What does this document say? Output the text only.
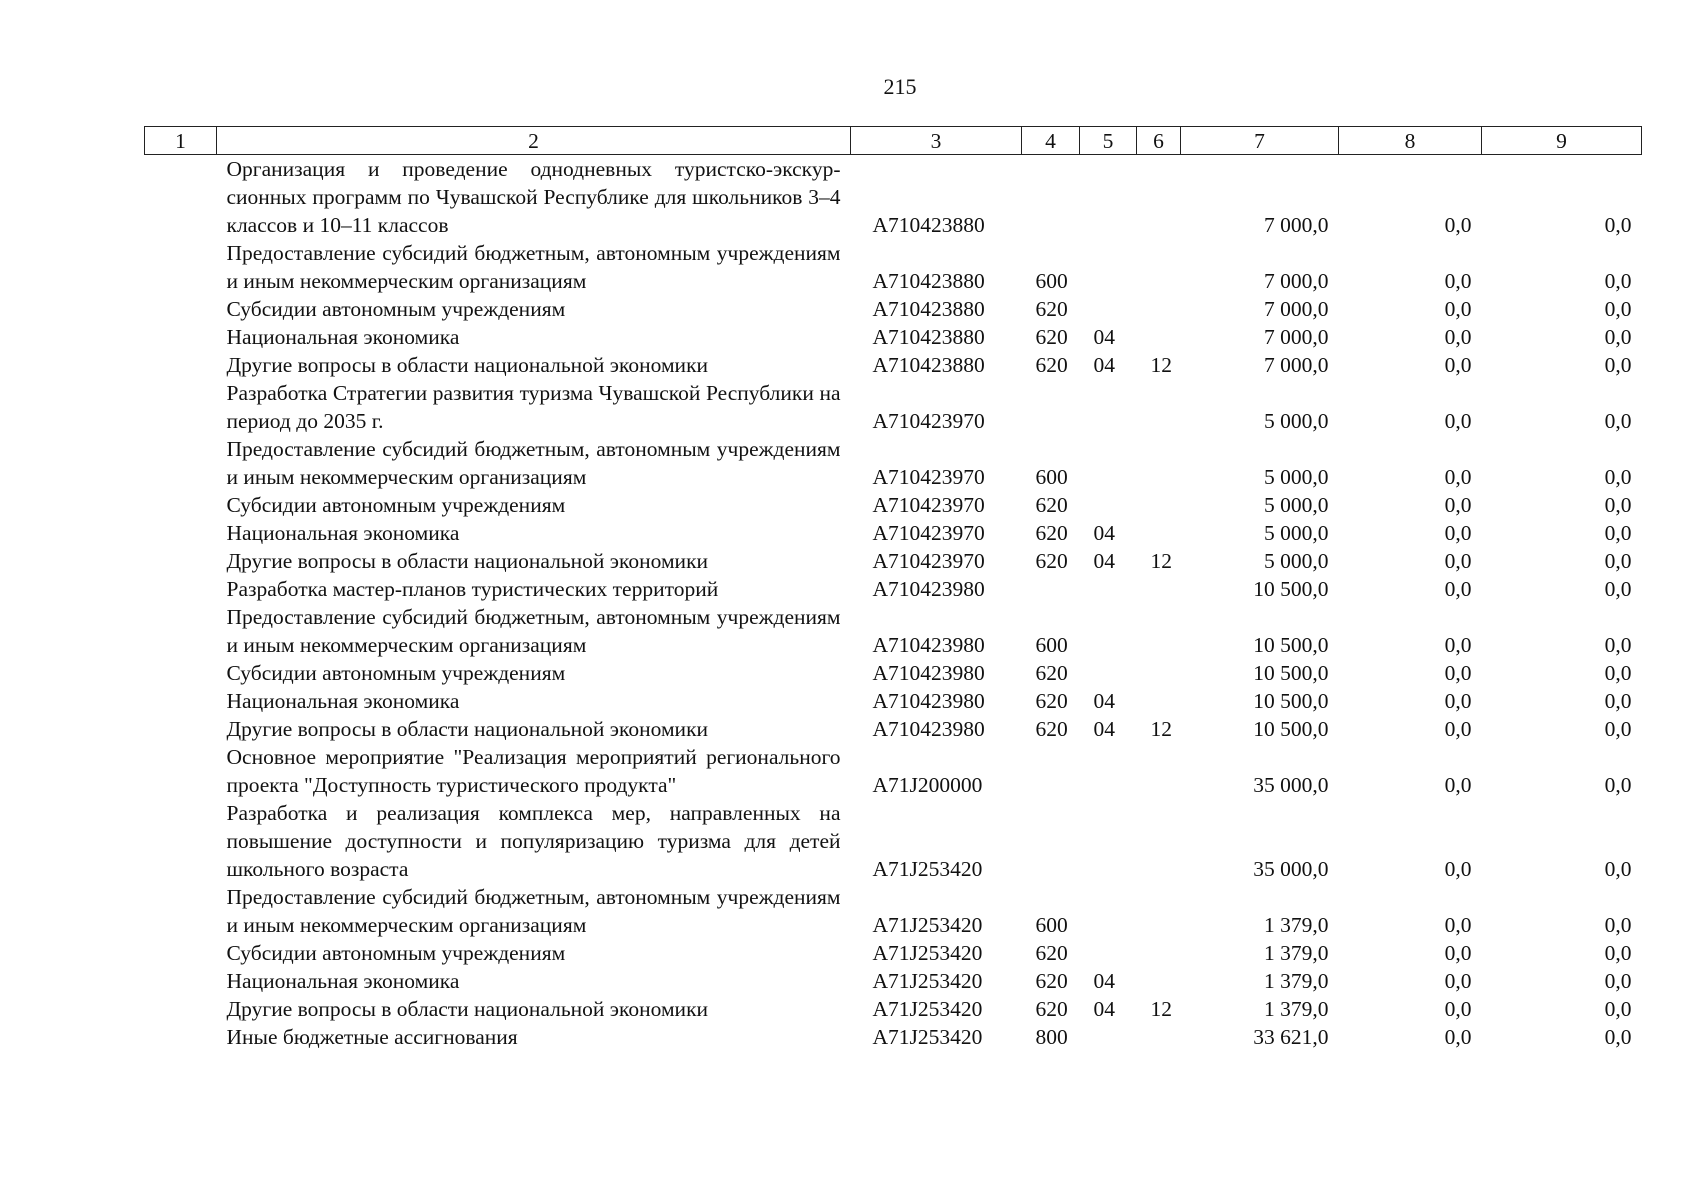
215
1	2	3	4	5	6	7	8	9
	Организация и проведение однодневных туристско-экскурсионных программ по Чувашской Республике для школьников 3–4 классов и 10–11 классов	А710423880				7 000,0	0,0	0,0
	Предоставление субсидий бюджетным, автономным учреждениям и иным некоммерческим организациям	А710423880	600			7 000,0	0,0	0,0
	Субсидии автономным учреждениям	А710423880	620			7 000,0	0,0	0,0
	Национальная экономика	А710423880	620	04		7 000,0	0,0	0,0
	Другие вопросы в области национальной экономики	А710423880	620	04	12	7 000,0	0,0	0,0
	Разработка Стратегии развития туризма Чувашской Республики на период до 2035 г.	А710423970				5 000,0	0,0	0,0
	Предоставление субсидий бюджетным, автономным учреждениям и иным некоммерческим организациям	А710423970	600			5 000,0	0,0	0,0
	Субсидии автономным учреждениям	А710423970	620			5 000,0	0,0	0,0
	Национальная экономика	А710423970	620	04		5 000,0	0,0	0,0
	Другие вопросы в области национальной экономики	А710423970	620	04	12	5 000,0	0,0	0,0
	Разработка мастер-планов туристических территорий	А710423980				10 500,0	0,0	0,0
	Предоставление субсидий бюджетным, автономным учреждениям и иным некоммерческим организациям	А710423980	600			10 500,0	0,0	0,0
	Субсидии автономным учреждениям	А710423980	620			10 500,0	0,0	0,0
	Национальная экономика	А710423980	620	04		10 500,0	0,0	0,0
	Другие вопросы в области национальной экономики	А710423980	620	04	12	10 500,0	0,0	0,0
	Основное мероприятие "Реализация мероприятий регионального проекта "Доступность туристического продукта"	А71J200000				35 000,0	0,0	0,0
	Разработка и реализация комплекса мер, направленных на повышение доступности и популяризацию туризма для детей школьного возраста	А71J253420				35 000,0	0,0	0,0
	Предоставление субсидий бюджетным, автономным учреждениям и иным некоммерческим организациям	А71J253420	600			1 379,0	0,0	0,0
	Субсидии автономным учреждениям	А71J253420	620			1 379,0	0,0	0,0
	Национальная экономика	А71J253420	620	04		1 379,0	0,0	0,0
	Другие вопросы в области национальной экономики	А71J253420	620	04	12	1 379,0	0,0	0,0
	Иные бюджетные ассигнования	А71J253420	800			33 621,0	0,0	0,0
